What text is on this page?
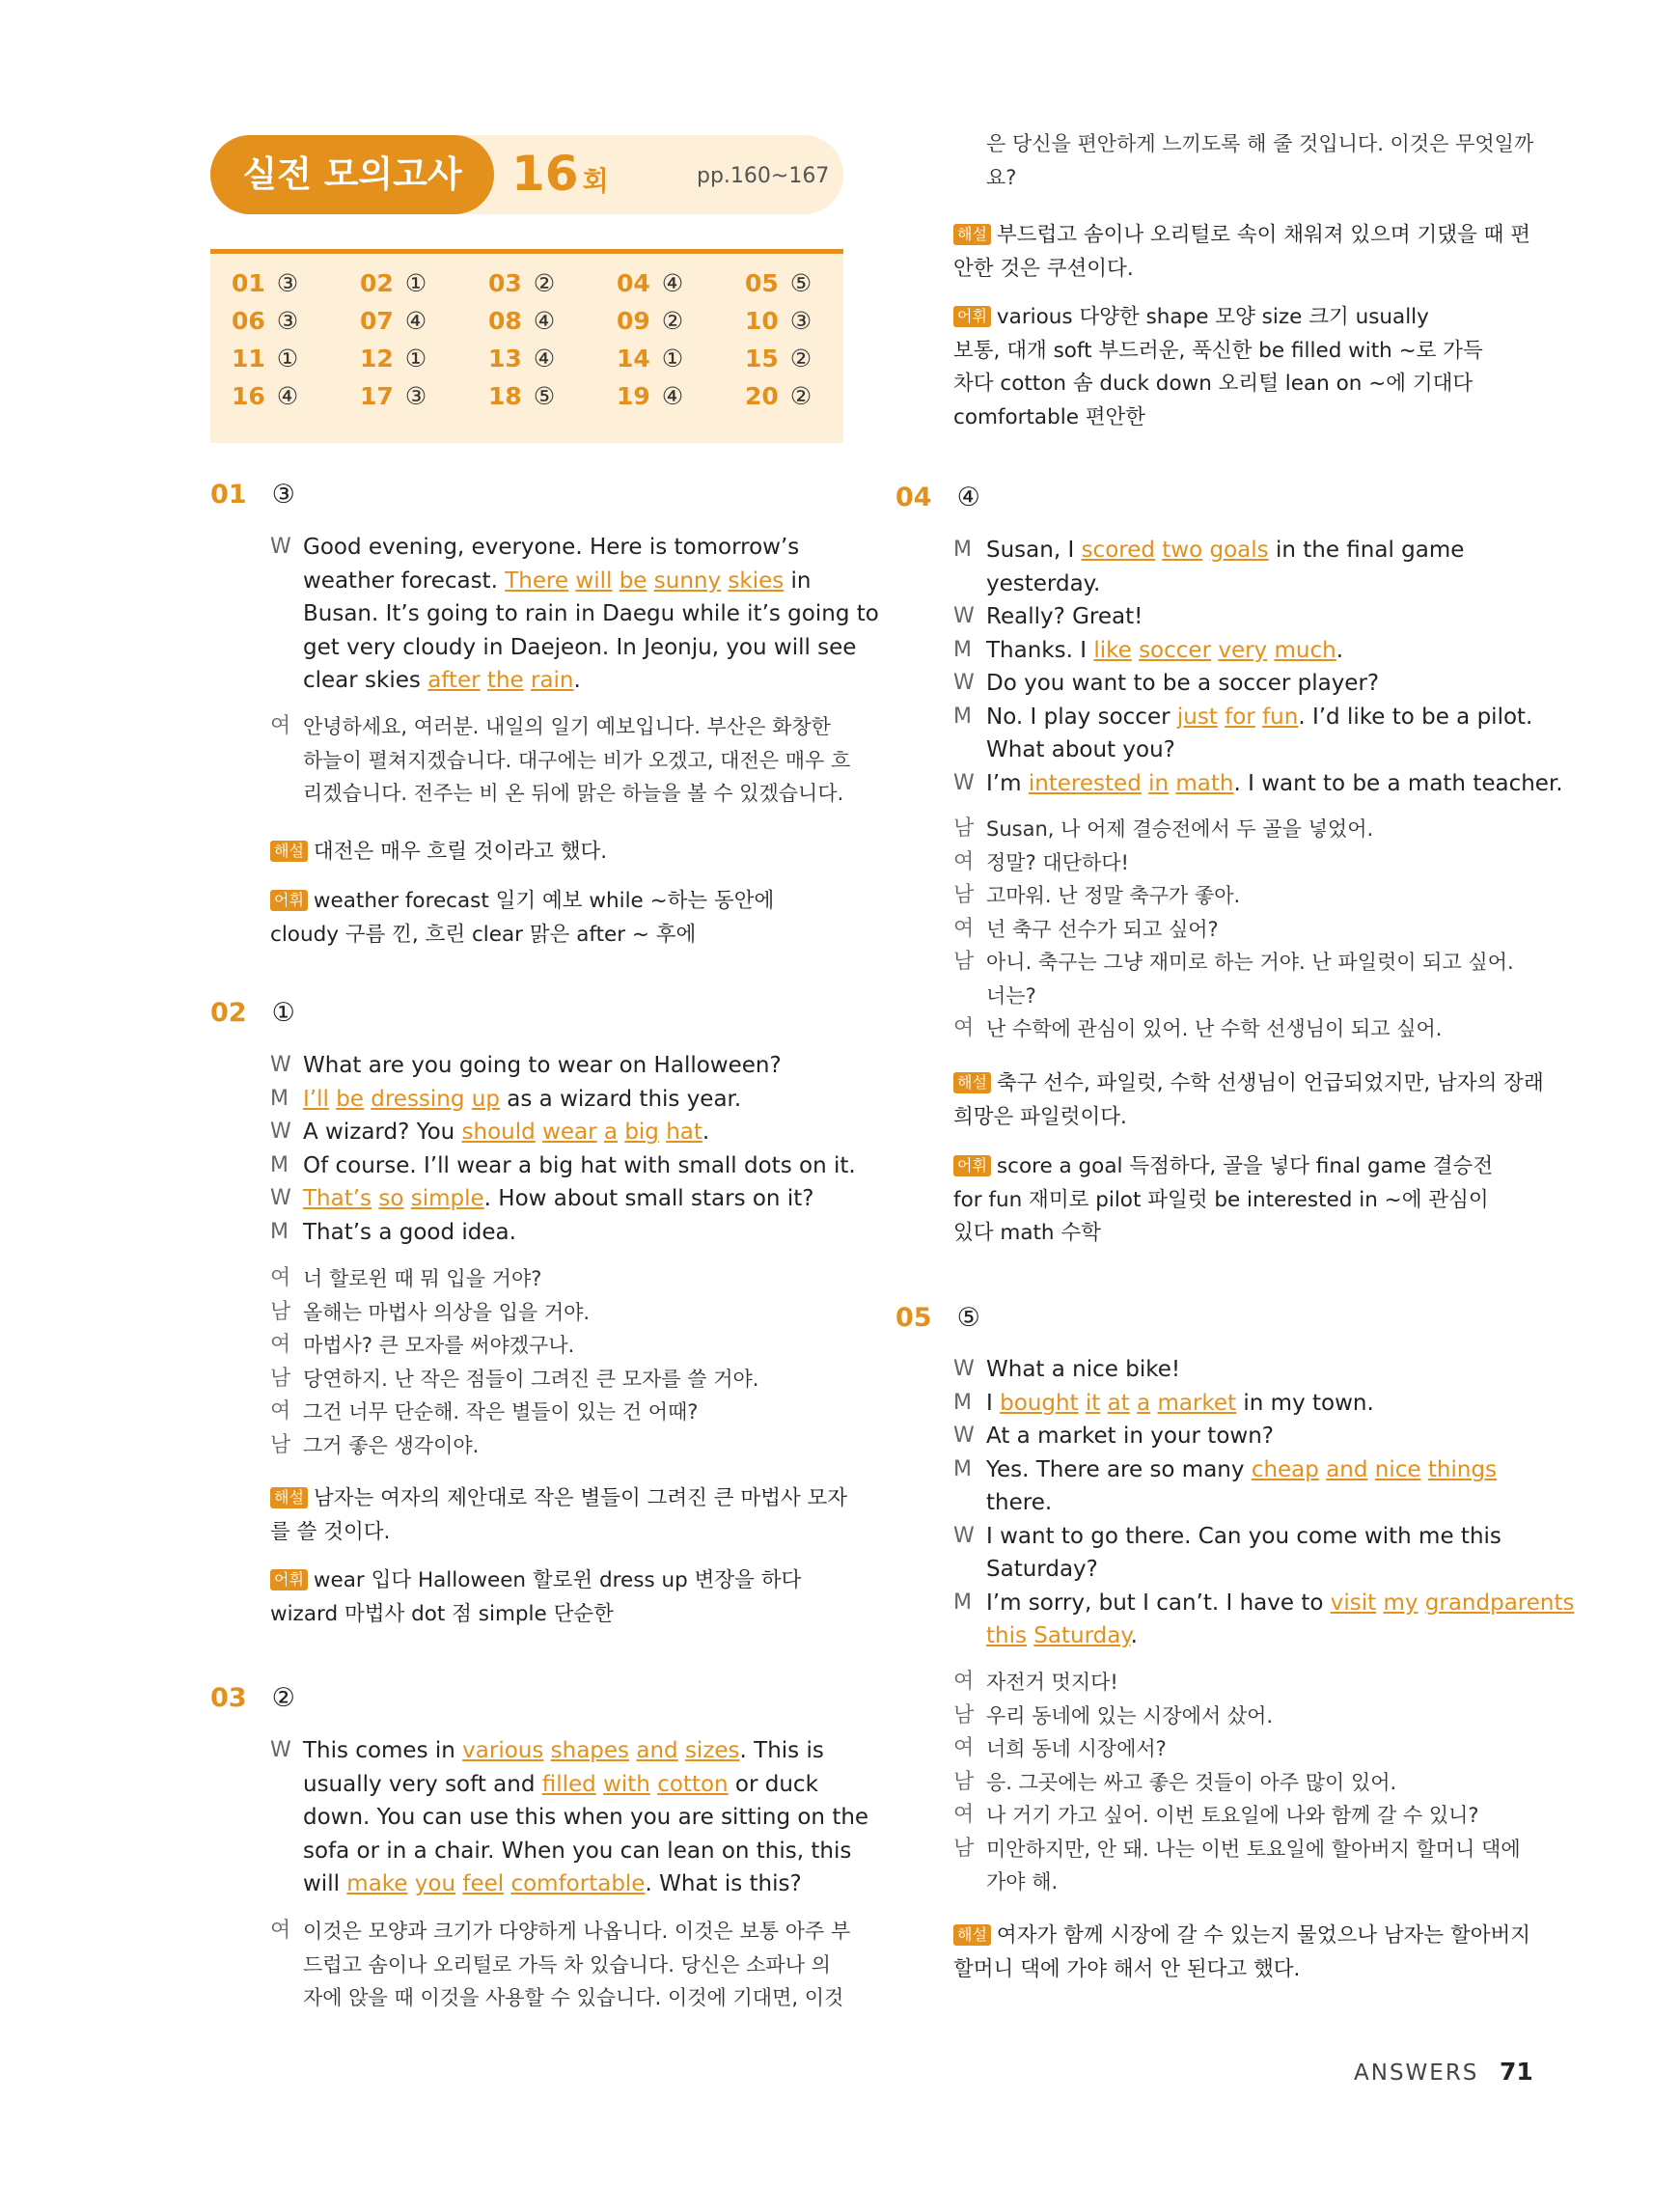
실전 모의고사	16 회	pp.160~167
01 ③	02 ①	03 ②	04 ④	05 ⑤
06 ③	07 ④	08 ④	09 ②	10 ③
11 ①	12 ①	13 ④	14 ①	15 ②
16 ④	17 ③	18 ⑤	19 ④	20 ②
01 ③
W Good evening, everyone. Here is tomorrow’s
weather forecast. There will be sunny skies in
Busan. It’s going to rain in Daegu while it’s going to
get very cloudy in Daejeon. In Jeonju, you will see
clear skies after the rain.
여 안녕하세요, 여러분. 내일의 일기 예보입니다. 부산은 화창한
하늘이 펼쳐지겠습니다. 대구에는 비가 오겠고, 대전은 매우 흐
리겠습니다. 전주는 비 온 뒤에 맑은 하늘을 볼 수 있겠습니다.
해설 대전은 매우 흐릴 것이라고 했다.
어휘 weather forecast 일기 예보 while ~하는 동안에
cloudy 구름 낀, 흐린 clear 맑은 after ~ 후에
02 ①
W What are you going to wear on Halloween?
M I’ll be dressing up as a wizard this year.
W A wizard? You should wear a big hat.
M Of course. I’ll wear a big hat with small dots on it.
W That’s so simple. How about small stars on it?
M That’s a good idea.
여 너 할로윈 때 뭐 입을 거야?
남 올해는 마법사 의상을 입을 거야.
여 마법사? 큰 모자를 써야겠구나.
남 당연하지. 난 작은 점들이 그려진 큰 모자를 쓸 거야.
여 그건 너무 단순해. 작은 별들이 있는 건 어때?
남 그거 좋은 생각이야.
해설 남자는 여자의 제안대로 작은 별들이 그려진 큰 마법사 모자
를 쓸 것이다.
어휘 wear 입다 Halloween 할로윈 dress up 변장을 하다
wizard 마법사 dot 점 simple 단순한
03 ②
W This comes in various shapes and sizes. This is
usually very soft and filled with cotton or duck
down. You can use this when you are sitting on the
sofa or in a chair. When you can lean on this, this
will make you feel comfortable. What is this?
여 이것은 모양과 크기가 다양하게 나옵니다. 이것은 보통 아주 부
드럽고 솜이나 오리털로 가득 차 있습니다. 당신은 소파나 의
자에 앉을 때 이것을 사용할 수 있습니다. 이것에 기대면, 이것
은 당신을 편안하게 느끼도록 해 줄 것입니다. 이것은 무엇일까
요?
해설 부드럽고 솜이나 오리털로 속이 채워져 있으며 기댔을 때 편
안한 것은 쿠션이다.
어휘 various 다양한 shape 모양 size 크기 usually
보통, 대개 soft 부드러운, 푹신한 be filled with ~로 가득
차다 cotton 솜 duck down 오리털 lean on ~에 기대다
comfortable 편안한
04 ④
M Susan, I scored two goals in the final game
yesterday.
W Really? Great!
M Thanks. I like soccer very much.
W Do you want to be a soccer player?
M No. I play soccer just for fun. I’d like to be a pilot.
What about you?
W I’m interested in math. I want to be a math teacher.
남 Susan, 나 어제 결승전에서 두 골을 넣었어.
여 정말? 대단하다!
남 고마워. 난 정말 축구가 좋아.
여 넌 축구 선수가 되고 싶어?
남 아니. 축구는 그냥 재미로 하는 거야. 난 파일럿이 되고 싶어.
너는?
여 난 수학에 관심이 있어. 난 수학 선생님이 되고 싶어.
해설 축구 선수, 파일럿, 수학 선생님이 언급되었지만, 남자의 장래
희망은 파일럿이다.
어휘 score a goal 득점하다, 골을 넣다 final game 결승전
for fun 재미로 pilot 파일럿 be interested in ~에 관심이
있다 math 수학
05 ⑤
W What a nice bike!
M I bought it at a market in my town.
W At a market in your town?
M Yes. There are so many cheap and nice things
there.
W I want to go there. Can you come with me this
Saturday?
M I’m sorry, but I can’t. I have to visit my grandparents
this Saturday.
여 자전거 멋지다!
남 우리 동네에 있는 시장에서 샀어.
여 너희 동네 시장에서?
남 응. 그곳에는 싸고 좋은 것들이 아주 많이 있어.
여 나 거기 가고 싶어. 이번 토요일에 나와 함께 갈 수 있니?
남 미안하지만, 안 돼. 나는 이번 토요일에 할아버지 할머니 댁에
가야 해.
해설 여자가 함께 시장에 갈 수 있는지 물었으나 남자는 할아버지
할머니 댁에 가야 해서 안 된다고 했다.
ANSWERS 71
